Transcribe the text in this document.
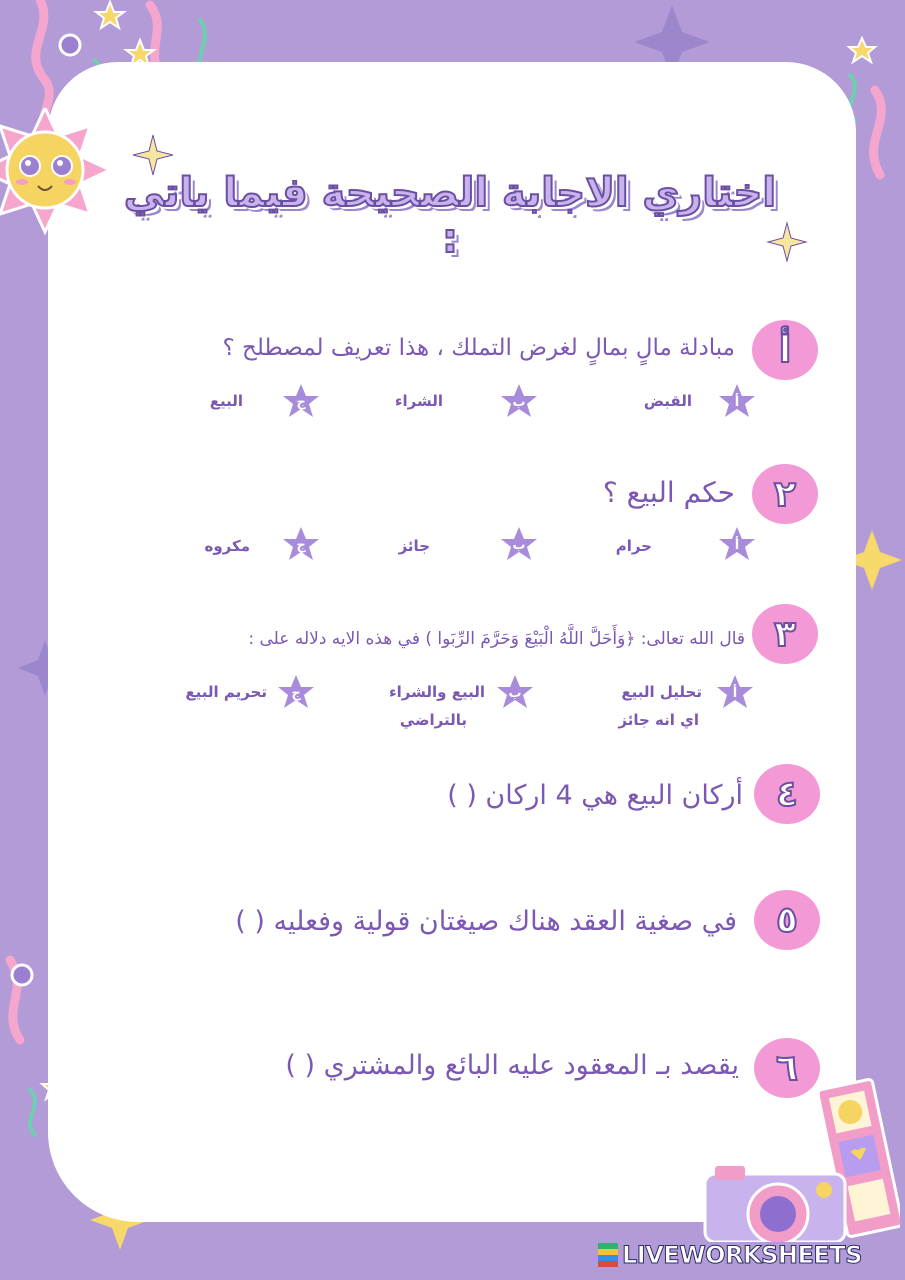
اختاري الاجابة الصحيحة فيما ياتي :
أ
مبادلة مالٍ بمالٍ لغرض التملك ، هذا تعريف لمصطلح ؟
أ
القبض
ب
الشراء
ج
البيع
٢
حكم البيع ؟
أ
حرام
ب
جائز
ج
مكروه
٣
قال الله تعالى: ﴿وَأَحَلَّ اللَّهُ الْبَيْعَ وَحَرَّمَ الرِّبَوا ) في هذه الايه دلاله على :
أ
تحليل البيع
اي انه جائز
ب
البيع والشراء
بالتراضي
ج
تحريم البيع
٤
أركان البيع هي 4 اركان ( )
٥
في صغية العقد هناك صيغتان قولية وفعليه ( )
٦
يقصد بـ المعقود عليه البائع والمشتري ( )
LIVEWORKSHEETS
